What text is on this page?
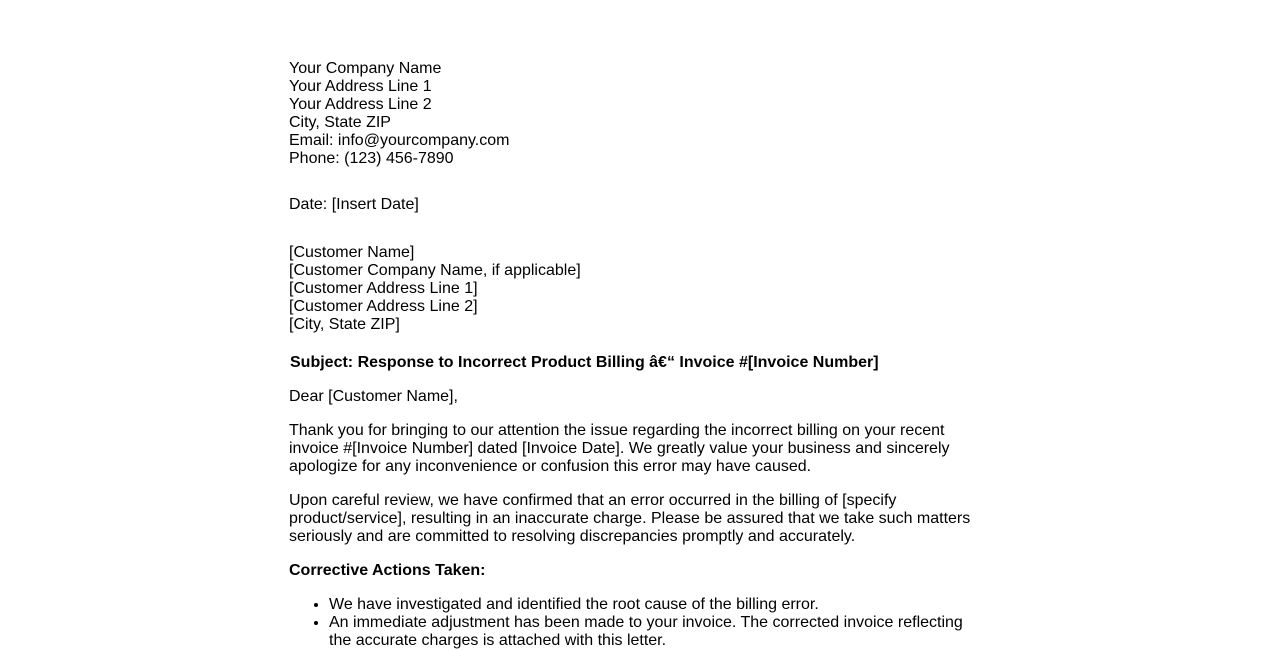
Your Company Name
Your Address Line 1
Your Address Line 2
City, State ZIP
Email: info@yourcompany.com
Phone: (123) 456-7890
Date: [Insert Date]
[Customer Name]
[Customer Company Name, if applicable]
[Customer Address Line 1]
[Customer Address Line 2]
[City, State ZIP]
Subject: Response to Incorrect Product Billing â€“ Invoice #[Invoice Number]
Dear [Customer Name],
Thank you for bringing to our attention the issue regarding the incorrect billing on your recent invoice #[Invoice Number] dated [Invoice Date]. We greatly value your business and sincerely apologize for any inconvenience or confusion this error may have caused.
Upon careful review, we have confirmed that an error occurred in the billing of [specify product/service], resulting in an inaccurate charge. Please be assured that we take such matters seriously and are committed to resolving discrepancies promptly and accurately.
Corrective Actions Taken:
• We have investigated and identified the root cause of the billing error.
• An immediate adjustment has been made to your invoice. The corrected invoice reflecting the accurate charges is attached with this letter.
